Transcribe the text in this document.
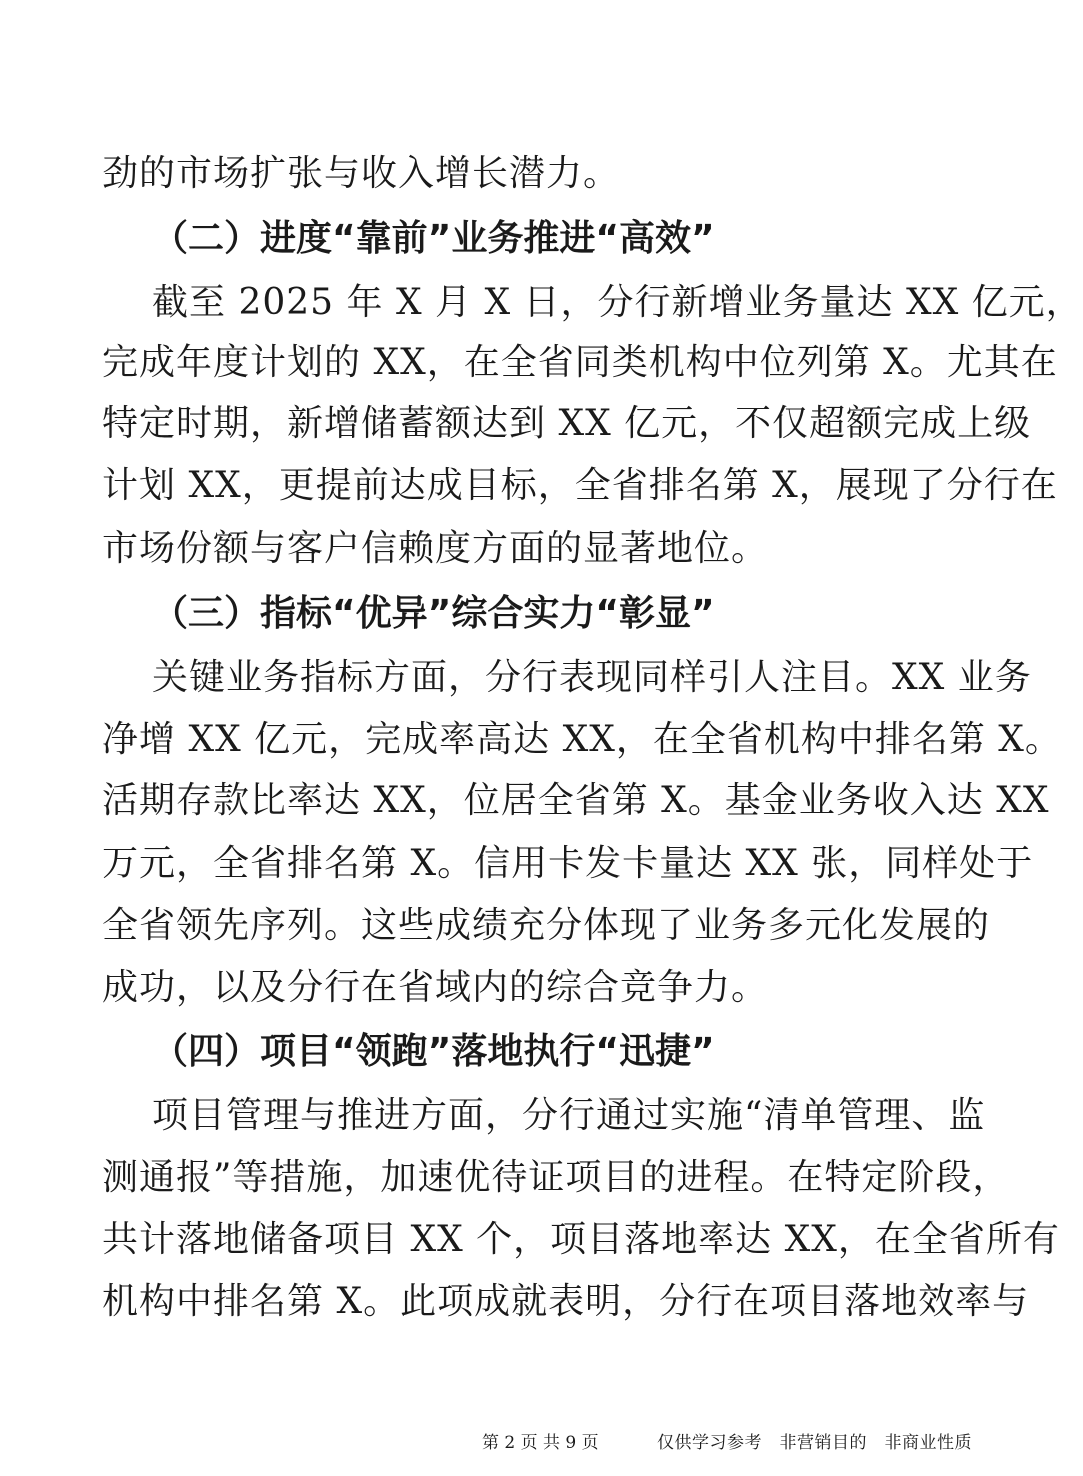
劲的市场扩张与收入增长潜力。
（二）进度“靠前”业务推进“高效”
截至 2025 年 X 月 X 日，分行新增业务量达 XX 亿元，
完成年度计划的 XX，在全省同类机构中位列第 X。尤其在
特定时期，新增储蓄额达到 XX 亿元，不仅超额完成上级
计划 XX，更提前达成目标，全省排名第 X，展现了分行在
市场份额与客户信赖度方面的显著地位。
（三）指标“优异”综合实力“彰显”
关键业务指标方面，分行表现同样引人注目。XX 业务
净增 XX 亿元，完成率高达 XX，在全省机构中排名第 X。
活期存款比率达 XX，位居全省第 X。基金业务收入达 XX
万元，全省排名第 X。信用卡发卡量达 XX 张，同样处于
全省领先序列。这些成绩充分体现了业务多元化发展的
成功，以及分行在省域内的综合竞争力。
（四）项目“领跑”落地执行“迅捷”
项目管理与推进方面，分行通过实施“清单管理、监
测通报”等措施，加速优待证项目的进程。在特定阶段，
共计落地储备项目 XX 个，项目落地率达 XX，在全省所有
机构中排名第 X。此项成就表明，分行在项目落地效率与
第 2 页 共 9 页	仅供学习参考　非营销目的　非商业性质
